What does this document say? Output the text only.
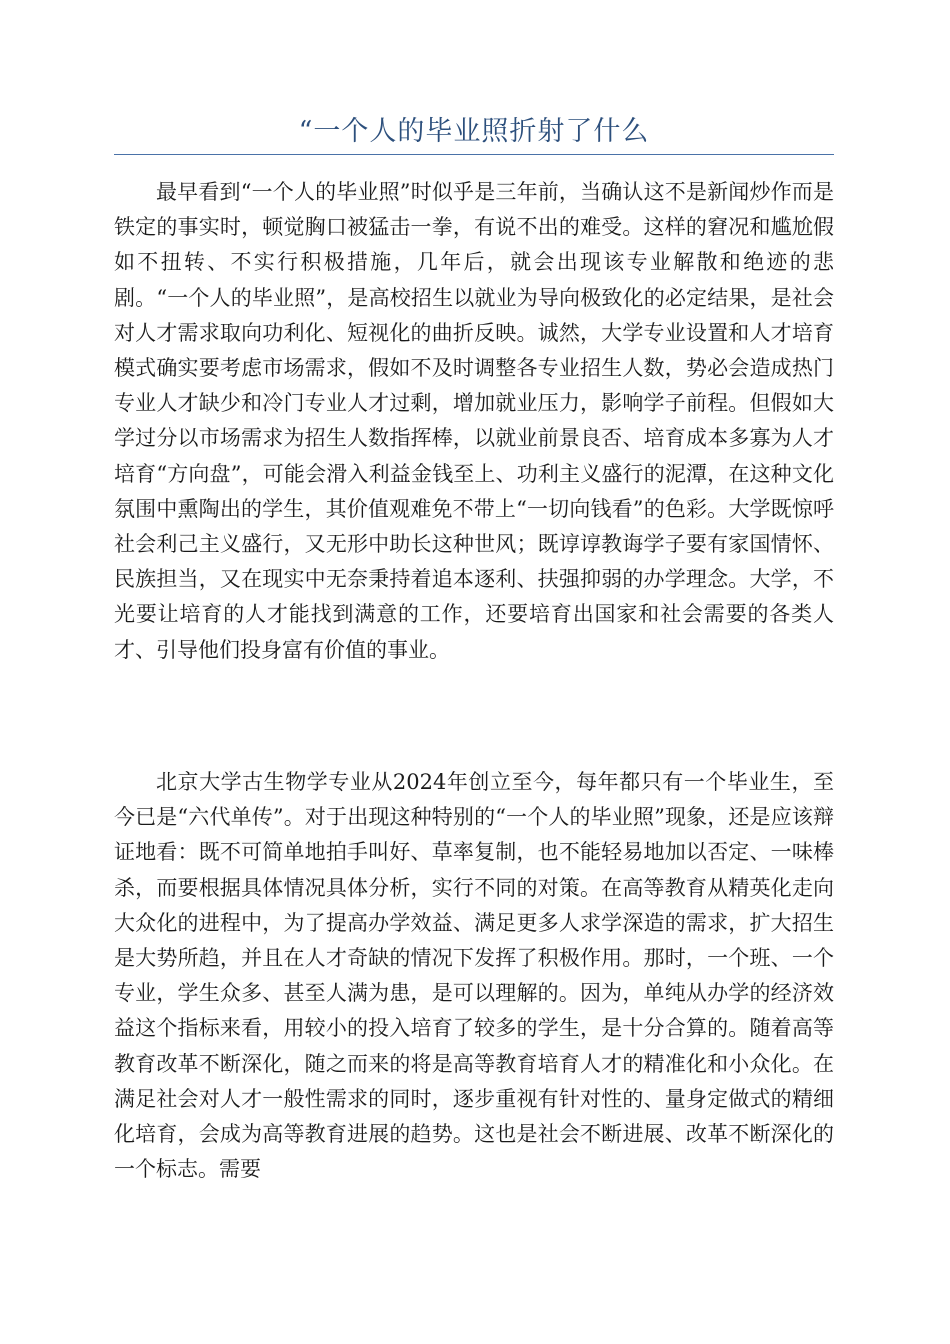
“一个人的毕业照折射了什么

最早看到“一个人的毕业照”时似乎是三年前，当确认这不是新闻炒作而是铁定的事实时，顿觉胸口被猛击一拳，有说不出的难受。这样的窘况和尴尬假如不扭转、不实行积极措施，几年后，就会出现该专业解散和绝迹的悲剧。“一个人的毕业照”，是高校招生以就业为导向极致化的必定结果，是社会对人才需求取向功利化、短视化的曲折反映。诚然，大学专业设置和人才培育模式确实要考虑市场需求，假如不及时调整各专业招生人数，势必会造成热门专业人才缺少和冷门专业人才过剩，增加就业压力，影响学子前程。但假如大学过分以市场需求为招生人数指挥棒，以就业前景良否、培育成本多寡为人才培育“方向盘”，可能会滑入利益金钱至上、功利主义盛行的泥潭，在这种文化氛围中熏陶出的学生，其价值观难免不带上“一切向钱看”的色彩。大学既惊呼社会利己主义盛行，又无形中助长这种世风；既谆谆教诲学子要有家国情怀、民族担当，又在现实中无奈秉持着追本逐利、扶强抑弱的办学理念。大学，不光要让培育的人才能找到满意的工作，还要培育出国家和社会需要的各类人才、引导他们投身富有价值的事业。

北京大学古生物学专业从2024年创立至今，每年都只有一个毕业生，至今已是“六代单传”。对于出现这种特别的“一个人的毕业照”现象，还是应该辩证地看：既不可简单地拍手叫好、草率复制，也不能轻易地加以否定、一味棒杀，而要根据具体情况具体分析，实行不同的对策。在高等教育从精英化走向大众化的进程中，为了提高办学效益、满足更多人求学深造的需求，扩大招生是大势所趋，并且在人才奇缺的情况下发挥了积极作用。那时，一个班、一个专业，学生众多、甚至人满为患，是可以理解的。因为，单纯从办学的经济效益这个指标来看，用较小的投入培育了较多的学生，是十分合算的。随着高等教育改革不断深化，随之而来的将是高等教育培育人才的精准化和小众化。在满足社会对人才一般性需求的同时，逐步重视有针对性的、量身定做式的精细化培育，会成为高等教育进展的趋势。这也是社会不断进展、改革不断深化的一个标志。需要
